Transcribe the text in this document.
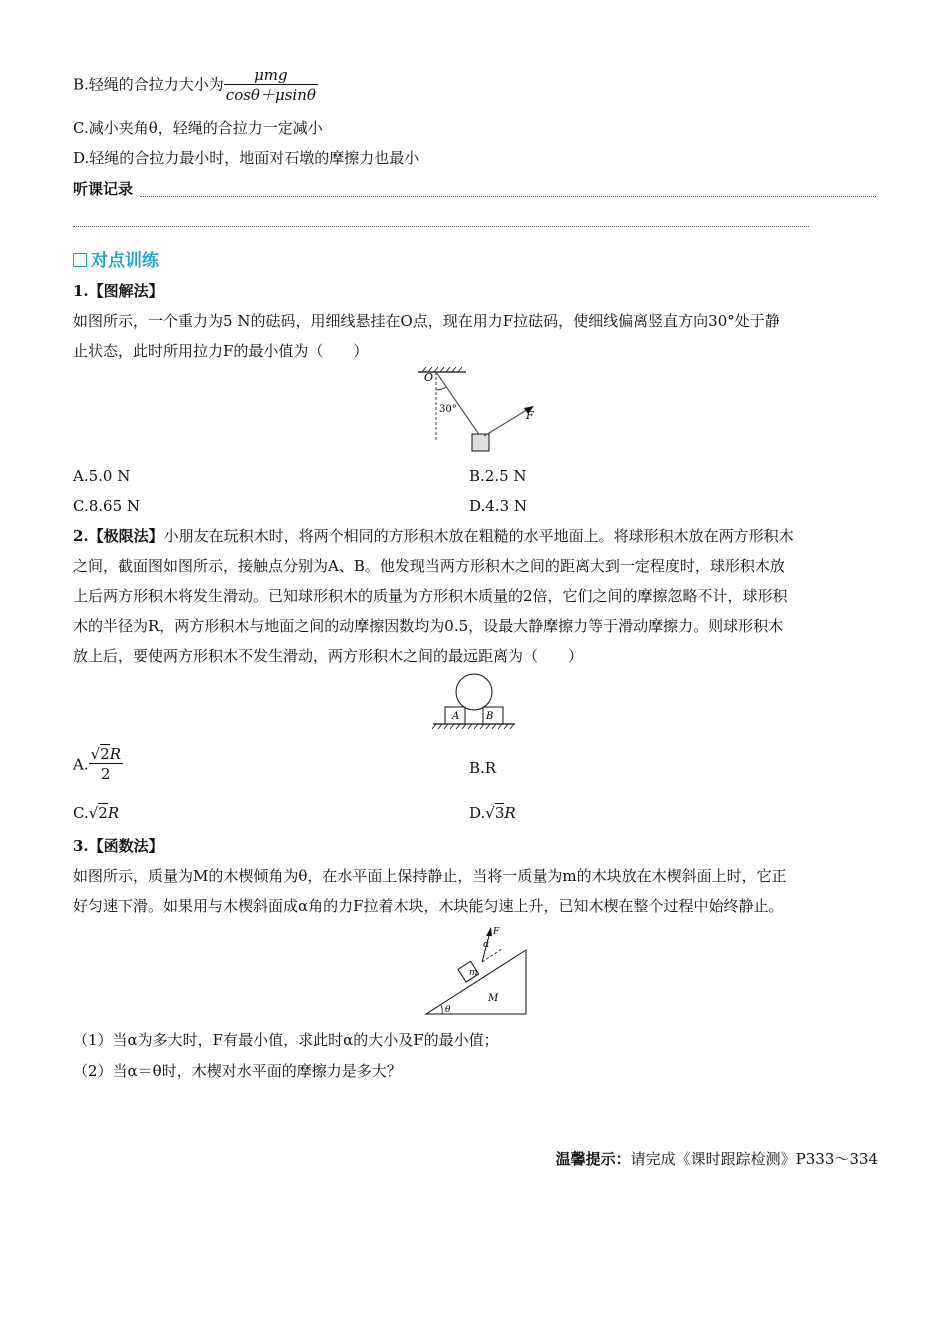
B.轻绳的合拉力大小为 $\frac{\text{μmg}}{\cos\theta+\mu\sin\theta}$
C.减小夹角θ，轻绳的合拉力一定减小
D.轻绳的合拉力最小时，地面对石墩的摩擦力也最小
听课记录
对点训练
1.【图解法】
如图所示，一个重力为5 N的砝码，用细线悬挂在O点，现在用力F拉砝码，使细线偏离竖直方向30°处于静
止状态，此时所用拉力F的最小值为（　　）
O
30°	F
A.5.0 N	B.2.5 N
C.8.65 N	D.4.3 N
2.【极限法】小朋友在玩积木时，将两个相同的方形积木放在粗糙的水平地面上。将球形积木放在两方形积木
之间，截面图如图所示，接触点分别为A、B。他发现当两方形积木之间的距离大到一定程度时，球形积木放
上后两方形积木将发生滑动。已知球形积木的质量为方形积木质量的2倍，它们之间的摩擦忽略不计，球形积
木的半径为R，两方形积木与地面之间的动摩擦因数均为0.5，设最大静摩擦力等于滑动摩擦力。则球形积木
放上后，要使两方形积木不发生滑动，两方形积木之间的最远距离为（　　）
A	B
A. $\frac{√2R}{2}$	B.R
C.√2R	D.√3R
3.【函数法】
如图所示，质量为M的木楔倾角为θ，在水平面上保持静止，当将一质量为m的木块放在木楔斜面上时，它正
好匀速下滑。如果用与木楔斜面成α角的力F拉着木块，木块能匀速上升，已知木楔在整个过程中始终静止。
F
α
m
M
θ
（1）当α为多大时，F有最小值，求此时α的大小及F的最小值；
（2）当α＝θ时，木楔对水平面的摩擦力是多大？
温馨提示：请完成《课时跟踪检测》P333～334
